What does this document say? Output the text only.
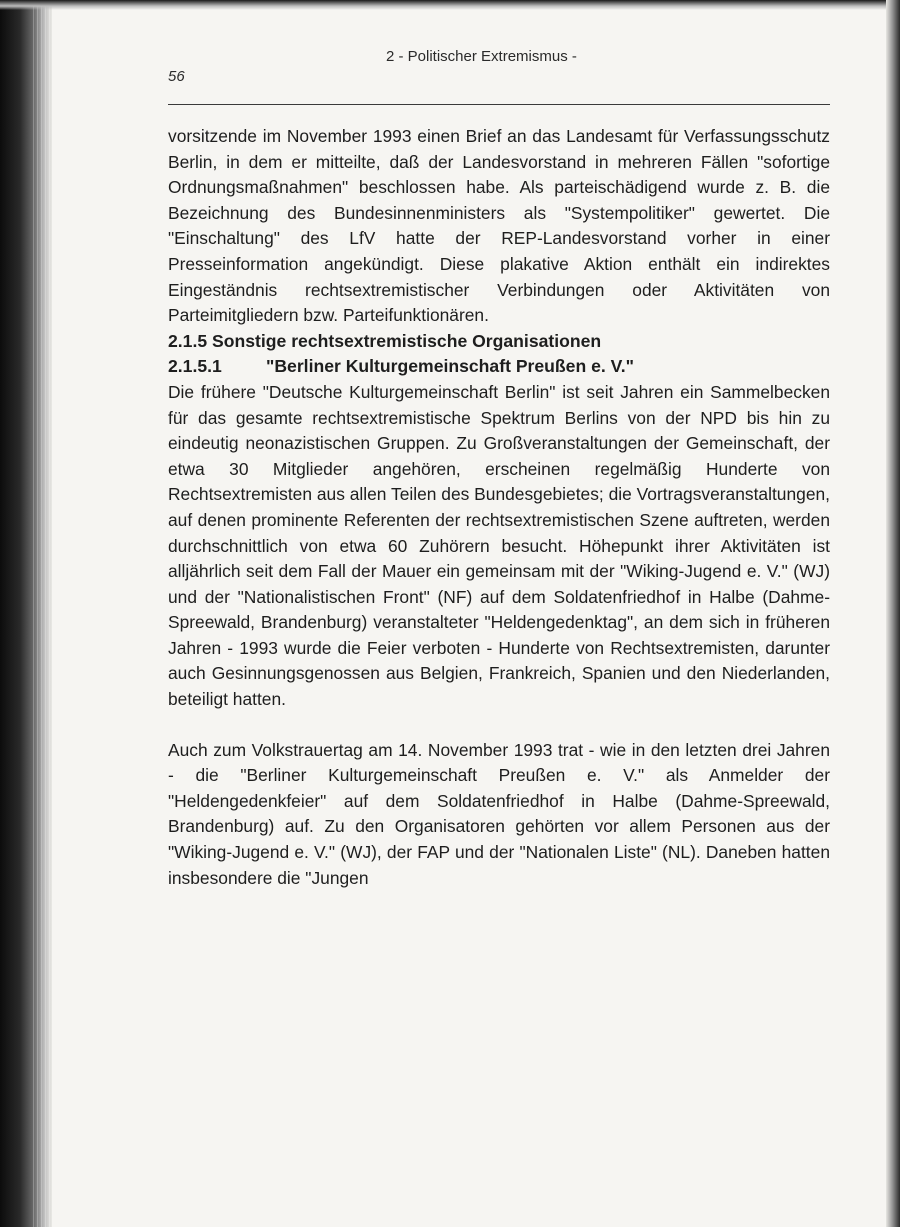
56
2 - Politischer Extremismus -

vorsitzende im November 1993 einen Brief an das Landesamt für Verfassungsschutz Berlin, in dem er mitteilte, daß der Landesvorstand in mehreren Fällen "sofortige Ordnungsmaßnahmen" beschlossen habe. Als parteischädigend wurde z. B. die Bezeichnung des Bundesinnenministers als "Systempolitiker" gewertet. Die "Einschaltung" des LfV hatte der REP-Landesvorstand vorher in einer Presseinformation angekündigt. Diese plakative Aktion enthält ein indirektes Eingeständnis rechtsextremistischer Verbindungen oder Aktivitäten von Parteimitgliedern bzw. Parteifunktionären.

2.1.5 Sonstige rechtsextremistische Organisationen

2.1.5.1	"Berliner Kulturgemeinschaft Preußen e. V."

Die frühere "Deutsche Kulturgemeinschaft Berlin" ist seit Jahren ein Sammelbecken für das gesamte rechtsextremistische Spektrum Berlins von der NPD bis hin zu eindeutig neonazistischen Gruppen. Zu Großveranstaltungen der Gemeinschaft, der etwa 30 Mitglieder angehören, erscheinen regelmäßig Hunderte von Rechtsextremisten aus allen Teilen des Bundesgebietes; die Vortragsveranstaltungen, auf denen prominente Referenten der rechtsextremistischen Szene auftreten, werden durchschnittlich von etwa 60 Zuhörern besucht. Höhepunkt ihrer Aktivitäten ist alljährlich seit dem Fall der Mauer ein gemeinsam mit der "Wiking-Jugend e. V." (WJ) und der "Nationalistischen Front" (NF) auf dem Soldatenfriedhof in Halbe (Dahme-Spreewald, Brandenburg) veranstalteter "Heldengedenktag", an dem sich in früheren Jahren - 1993 wurde die Feier verboten - Hunderte von Rechtsextremisten, darunter auch Gesinnungsgenossen aus Belgien, Frankreich, Spanien und den Niederlanden, beteiligt hatten.

Auch zum Volkstrauertag am 14. November 1993 trat - wie in den letzten drei Jahren - die "Berliner Kulturgemeinschaft Preußen e. V." als Anmelder der "Heldengedenkfeier" auf dem Soldatenfriedhof in Halbe (Dahme-Spreewald, Brandenburg) auf. Zu den Organisatoren gehörten vor allem Personen aus der "Wiking-Jugend e. V." (WJ), der FAP und der "Nationalen Liste" (NL). Daneben hatten insbesondere die "Jungen
